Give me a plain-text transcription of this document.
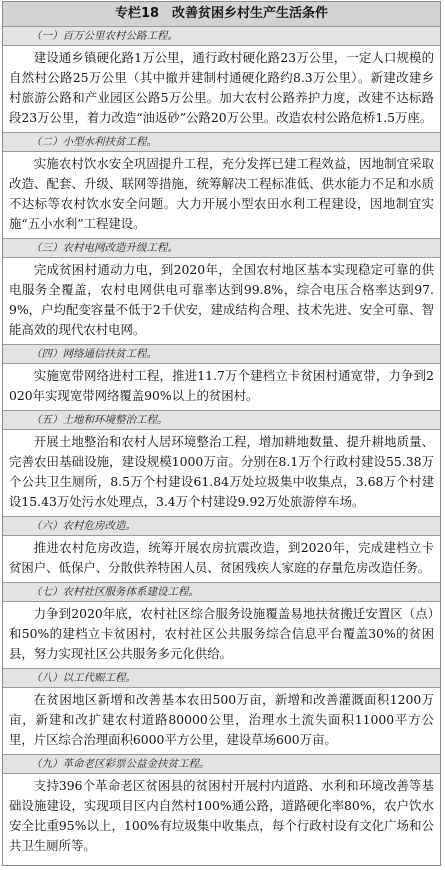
专栏18　改善贫困乡村生产生活条件
（一）百万公里农村公路工程。
建设通乡镇硬化路1万公里，通行政村硬化路23万公里，一定人口规模的自然村公路25万公里（其中撤并建制村通硬化路约8.3万公里）。新建改建乡村旅游公路和产业园区公路5万公里。加大农村公路养护力度，改建不达标路段23万公里，着力改造“油返砂”公路20万公里。改造农村公路危桥1.5万座。
（二）小型水利扶贫工程。
实施农村饮水安全巩固提升工程，充分发挥已建工程效益，因地制宜采取改造、配套、升级、联网等措施，统筹解决工程标准低、供水能力不足和水质不达标等农村饮水安全问题。大力开展小型农田水利工程建设，因地制宜实施“五小水利”工程建设。
（三）农村电网改造升级工程。
完成贫困村通动力电，到2020年，全国农村地区基本实现稳定可靠的供电服务全覆盖，农村电网供电可靠率达到99.8%，综合电压合格率达到97.9%，户均配变容量不低于2千伏安，建成结构合理、技术先进、安全可靠、智能高效的现代农村电网。
（四）网络通信扶贫工程。
实施宽带网络进村工程，推进11.7万个建档立卡贫困村通宽带，力争到2020年实现宽带网络覆盖90%以上的贫困村。
（五）土地和环境整治工程。
开展土地整治和农村人居环境整治工程，增加耕地数量、提升耕地质量、完善农田基础设施，建设规模1000万亩。分别在8.1万个行政村建设55.38万个公共卫生厕所，8.5万个村建设61.84万处垃圾集中收集点，3.68万个村建设15.43万处污水处理点，3.4万个村建设9.92万处旅游停车场。
（六）农村危房改造。
推进农村危房改造，统筹开展农房抗震改造，到2020年，完成建档立卡贫困户、低保户、分散供养特困人员、贫困残疾人家庭的存量危房改造任务。
（七）农村社区服务体系建设工程。
力争到2020年底，农村社区综合服务设施覆盖易地扶贫搬迁安置区（点）和50%的建档立卡贫困村，农村社区公共服务综合信息平台覆盖30%的贫困县，努力实现社区公共服务多元化供给。
（八）以工代赈工程。
在贫困地区新增和改善基本农田500万亩，新增和改善灌溉面积1200万亩，新建和改扩建农村道路80000公里，治理水土流失面积11000平方公里，片区综合治理面积6000平方公里，建设草场600万亩。
（九）革命老区彩票公益金扶贫工程。
支持396个革命老区贫困县的贫困村开展村内道路、水利和环境改善等基础设施建设，实现项目区内自然村100%通公路，道路硬化率80%，农户饮水安全比重95%以上，100%有垃圾集中收集点，每个行政村设有文化广场和公共卫生厕所等。
